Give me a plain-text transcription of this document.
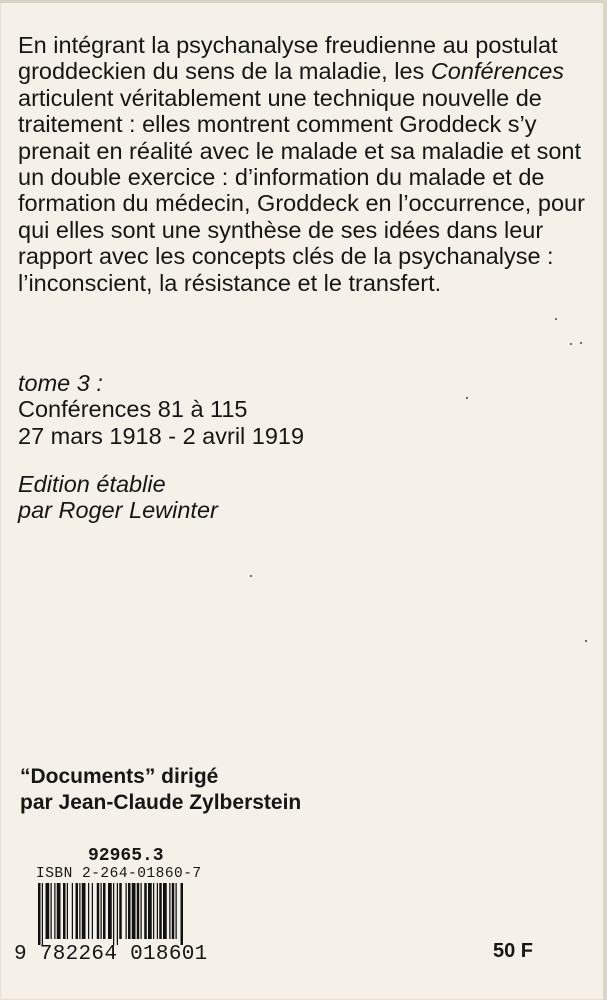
En intégrant la psychanalyse freudienne au postulat groddeckien du sens de la maladie, les Conférences articulent véritablement une technique nouvelle de traitement : elles montrent comment Groddeck s’y prenait en réalité avec le malade et sa maladie et sont un double exercice : d’information du malade et de formation du médecin, Groddeck en l’occurrence, pour qui elles sont une synthèse de ses idées dans leur rapport avec les concepts clés de la psychanalyse : l’inconscient, la résistance et le transfert.

tome 3 :
Conférences 81 à 115
27 mars 1918 - 2 avril 1919
Edition établie
par Roger Lewinter
“Documents” dirigé
par Jean-Claude Zylberstein
92965.3
ISBN 2-264-01860-7
9 782264 018601	50 F
